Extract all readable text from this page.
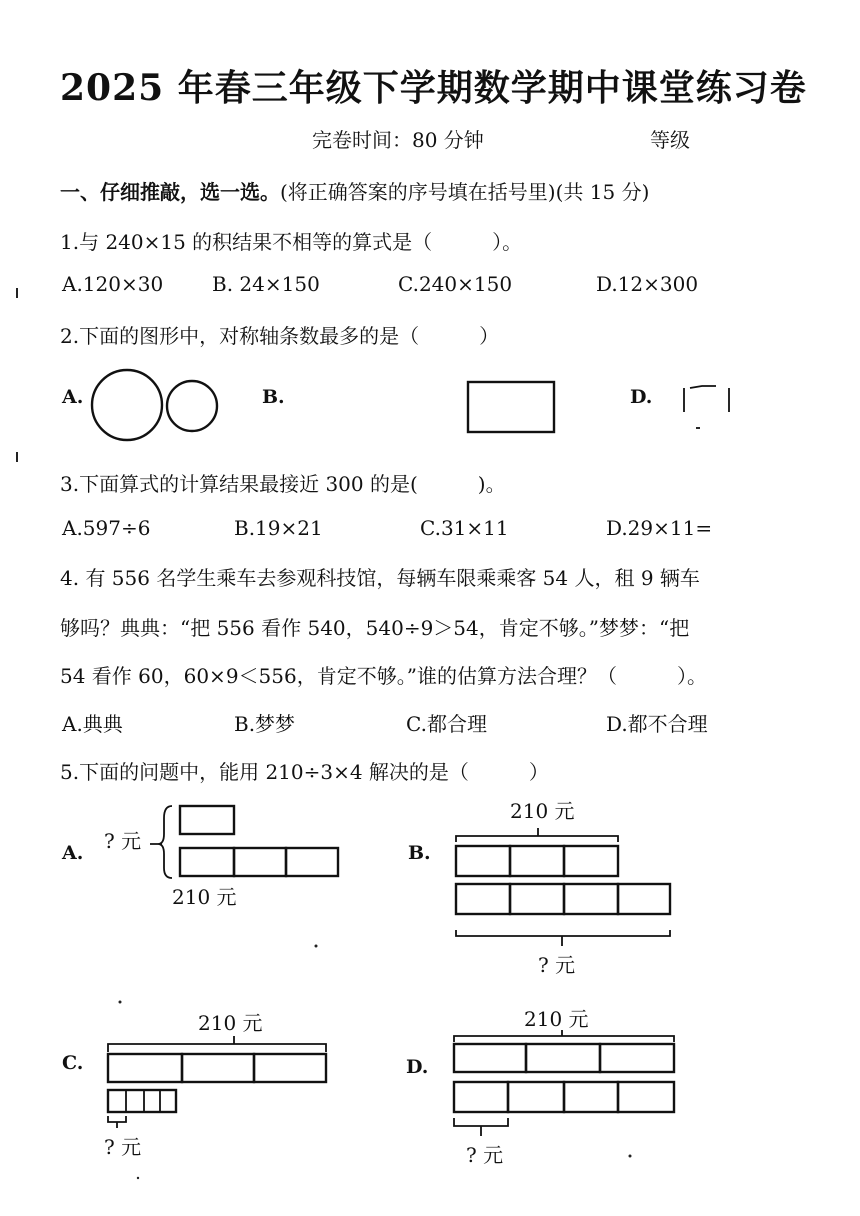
2025 年春三年级下学期数学期中课堂练习卷
完卷时间：80 分钟	等级
一、仔细推敲，选一选。(将正确答案的序号填在括号里)(共 15 分)
1.与 240×15 的积结果不相等的算式是（　　　）。
A.120×30 B. 24×150	C.240×150	D.12×300
2.下面的图形中，对称轴条数最多的是（　　　）
A.	B.	D.
3.下面算式的计算结果最接近 300 的是(　　　)。
A.597÷6	B.19×21	C.31×11	D.29×11=
4. 有 556 名学生乘车去参观科技馆，每辆车限乘乘客 54 人，租 9 辆车
够吗？典典：“把 556 看作 540，540÷9＞54，肯定不够。”梦梦：“把
54 看作 60，60×9＜556，肯定不够。”谁的估算方法合理？（　　　）。
A.典典	B.梦梦	C.都合理	D.都不合理
5.下面的问题中，能用 210÷3×4 解决的是（　　　）
A. ? 元
210 元
B.
210 元
? 元
C.
210 元
? 元
D.
210 元
? 元
